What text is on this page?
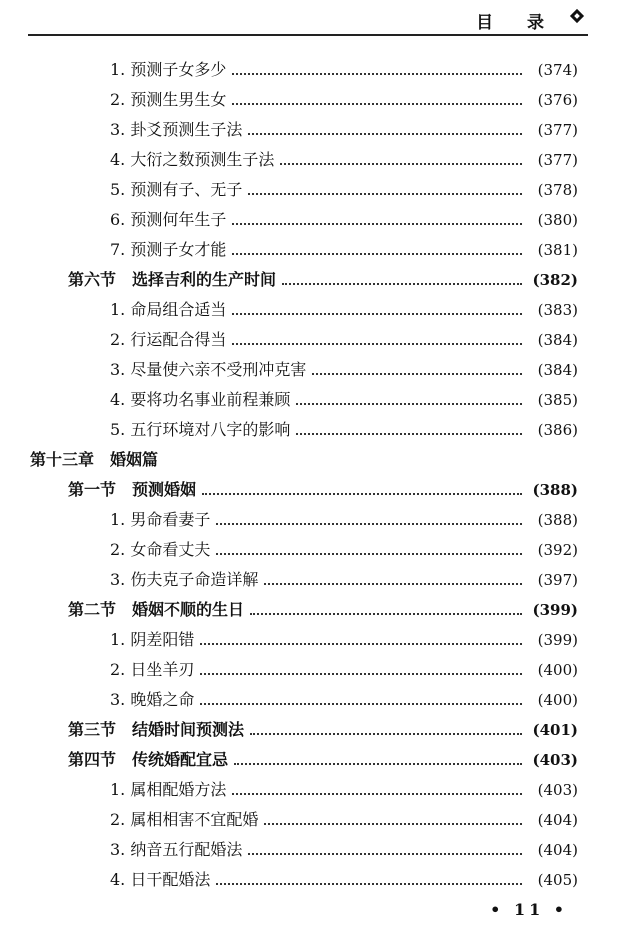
目 录
1. 预测子女多少	(374)
2. 预测生男生女	(376)
3. 卦爻预测生子法	(377)
4. 大衍之数预测生子法	(377)
5. 预测有子、无子	(378)
6. 预测何年生子	(380)
7. 预测子女才能	(381)
第六节　选择吉利的生产时间	(382)
1. 命局组合适当	(383)
2. 行运配合得当	(384)
3. 尽量使六亲不受刑冲克害	(384)
4. 要将功名事业前程兼顾	(385)
5. 五行环境对八字的影响	(386)
第十三章　婚姻篇
第一节　预测婚姻	(388)
1. 男命看妻子	(388)
2. 女命看丈夫	(392)
3. 伤夫克子命造详解	(397)
第二节　婚姻不顺的生日	(399)
1. 阴差阳错	(399)
2. 日坐羊刃	(400)
3. 晚婚之命	(400)
第三节　结婚时间预测法	(401)
第四节　传统婚配宜忌	(403)
1. 属相配婚方法	(403)
2. 属相相害不宜配婚	(404)
3. 纳音五行配婚法	(404)
4. 日干配婚法	(405)
• 11 •
